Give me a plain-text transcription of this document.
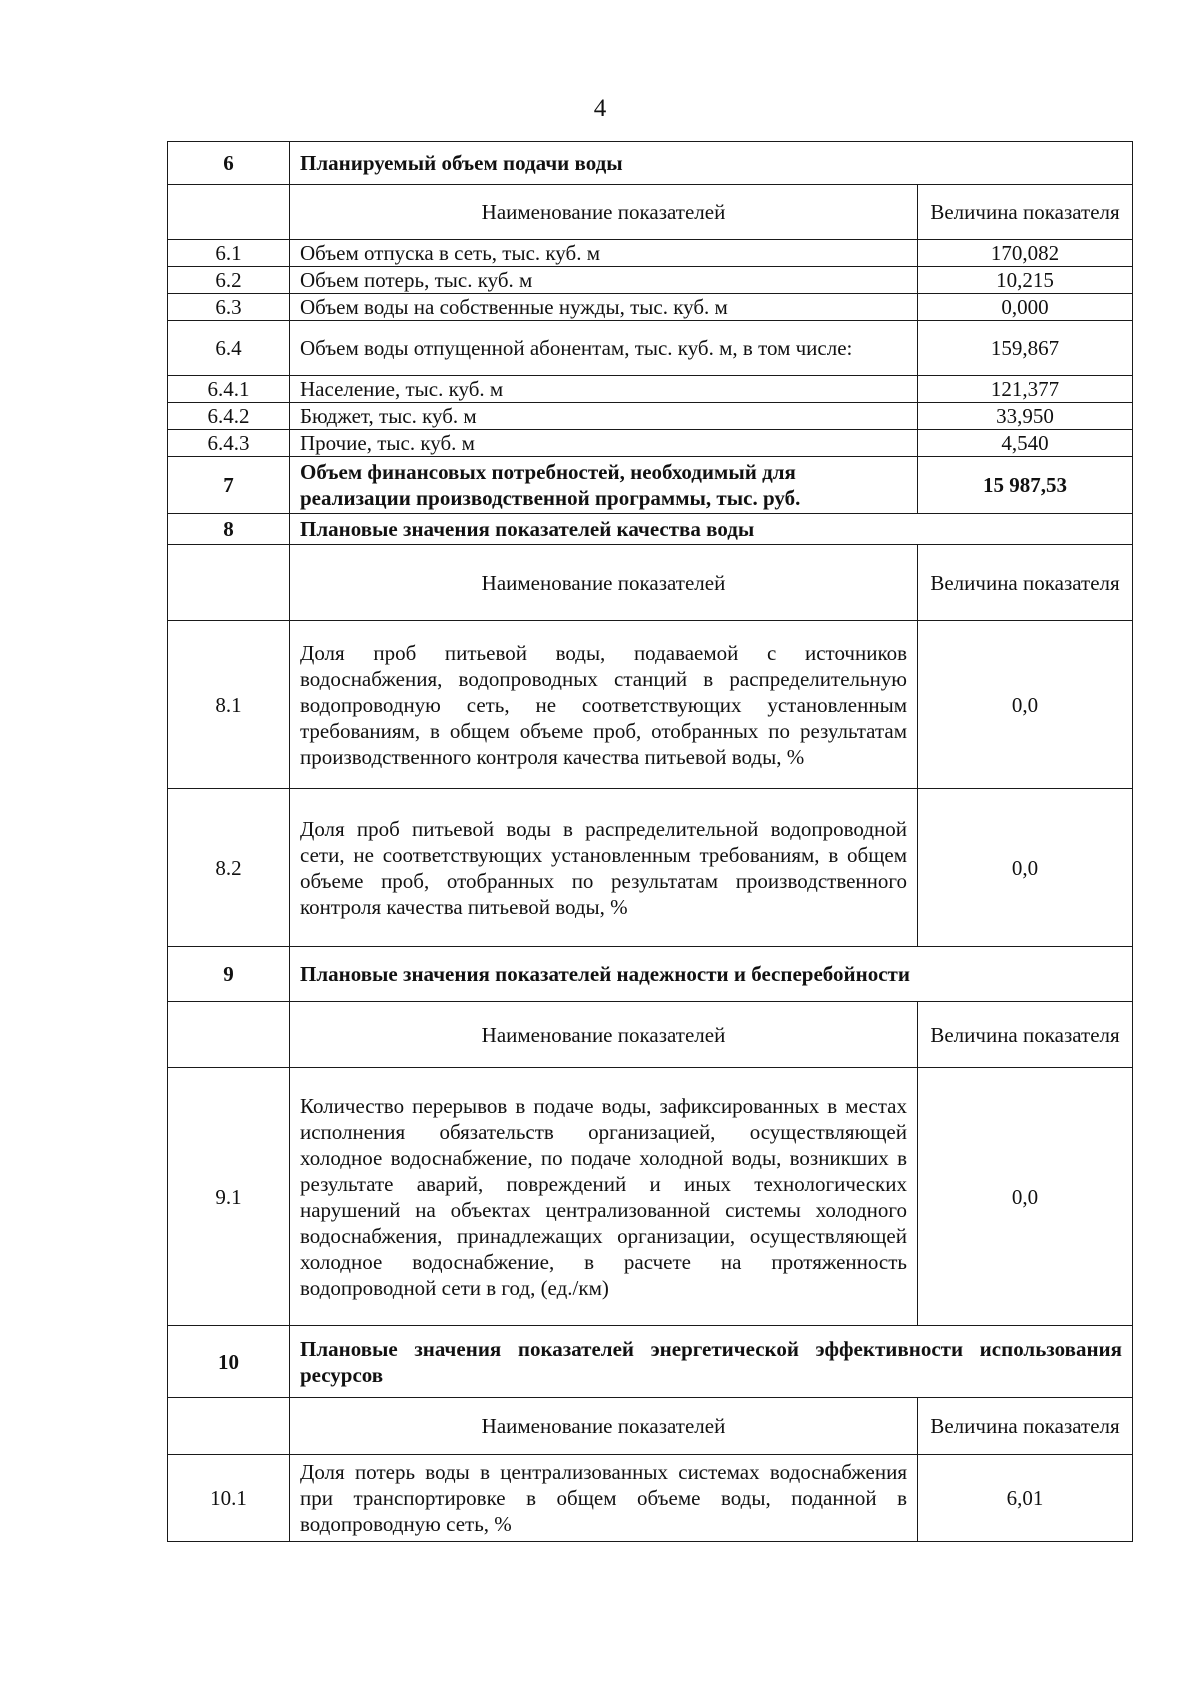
4
6	Планируемый объем подачи воды	
	Наименование показателей	Величина показателя
6.1	Объем отпуска в сеть, тыс. куб. м	170,082
6.2	Объем потерь, тыс. куб. м	10,215
6.3	Объем воды на собственные нужды, тыс. куб. м	0,000
6.4	Объем воды отпущенной абонентам, тыс. куб. м, в том числе:	159,867
6.4.1	Население, тыс. куб. м	121,377
6.4.2	Бюджет, тыс. куб. м	33,950
6.4.3	Прочие, тыс. куб. м	4,540
7	Объем финансовых потребностей, необходимый для реализации производственной программы, тыс. руб.	15 987,53
8	Плановые значения показателей качества воды	
	Наименование показателей	Величина показателя
8.1	Доля проб питьевой воды, подаваемой с источников водоснабжения, водопроводных станций в распределительную водопроводную сеть, не соответствующих установленным требованиям, в общем объеме проб, отобранных по результатам производственного контроля качества питьевой воды, %	0,0
8.2	Доля проб питьевой воды в распределительной водопроводной сети, не соответствующих установленным требованиям, в общем объеме проб, отобранных по результатам производственного контроля качества питьевой воды, %	0,0
9	Плановые значения показателей надежности и бесперебойности	
	Наименование показателей	Величина показателя
9.1	Количество перерывов в подаче воды, зафиксированных в местах исполнения обязательств организацией, осуществляющей холодное водоснабжение, по подаче холодной воды, возникших в результате аварий, повреждений и иных технологических нарушений на объектах централизованной системы холодного водоснабжения, принадлежащих организации, осуществляющей холодное водоснабжение, в расчете на протяженность водопроводной сети в год, (ед./км)	0,0
10	Плановые значения показателей энергетической эффективности использования ресурсов	
	Наименование показателей	Величина показателя
10.1	Доля потерь воды в централизованных системах водоснабжения при транспортировке в общем объеме воды, поданной в водопроводную сеть, %	6,01
